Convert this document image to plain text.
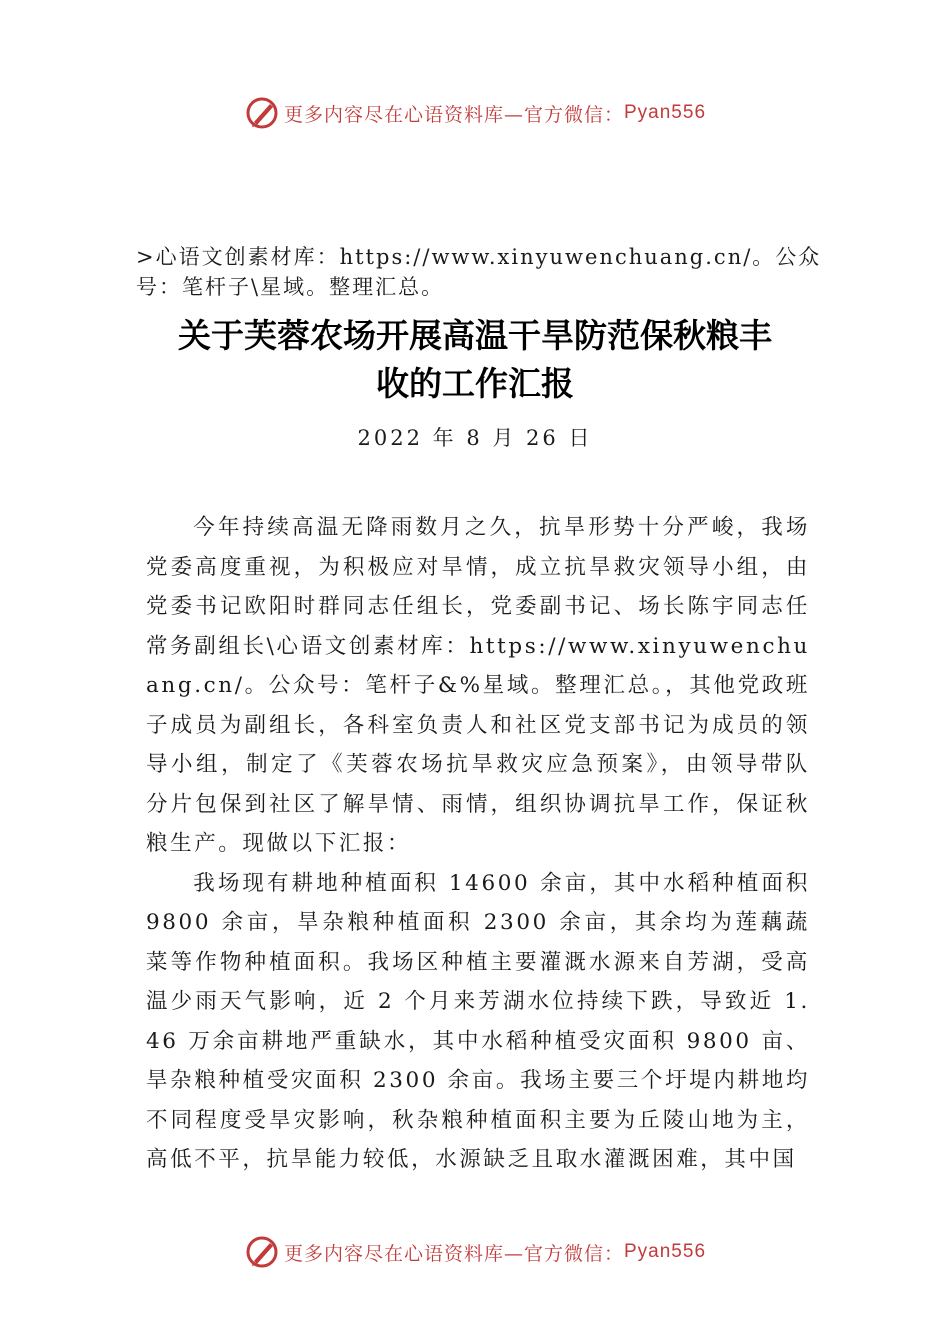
更多内容尽在心语资料库—官方微信： Pyan556
>心语文创素材库：https://www.xinyuwenchuang.cn/。公众号：笔杆子\星域。整理汇总。
关于芙蓉农场开展高温干旱防范保秋粮丰
收的工作汇报
2022 年 8 月 26 日

今年持续高温无降雨数月之久，抗旱形势十分严峻，我场党委高度重视，为积极应对旱情，成立抗旱救灾领导小组，由党委书记欧阳时群同志任组长，党委副书记、场长陈宇同志任常务副组长\心语文创素材库：https://www.xinyuwenchuang.cn/。公众号：笔杆子&%星域。整理汇总。，其他党政班子成员为副组长，各科室负责人和社区党支部书记为成员的领导小组，制定了《芙蓉农场抗旱救灾应急预案》，由领导带队分片包保到社区了解旱情、雨情，组织协调抗旱工作，保证秋粮生产。现做以下汇报：

我场现有耕地种植面积 14600 余亩，其中水稻种植面积 9800 余亩，旱杂粮种植面积 2300 余亩，其余均为莲藕蔬菜等作物种植面积。我场区种植主要灌溉水源来自芳湖，受高温少雨天气影响，近 2 个月来芳湖水位持续下跌，导致近 1.46 万余亩耕地严重缺水，其中水稻种植受灾面积 9800 亩、旱杂粮种植受灾面积 2300 余亩。我场主要三个圩堤内耕地均不同程度受旱灾影响，秋杂粮种植面积主要为丘陵山地为主， 高低不平，抗旱能力较低，水源缺乏且取水灌溉困难，其中国

更多内容尽在心语资料库—官方微信： Pyan556
